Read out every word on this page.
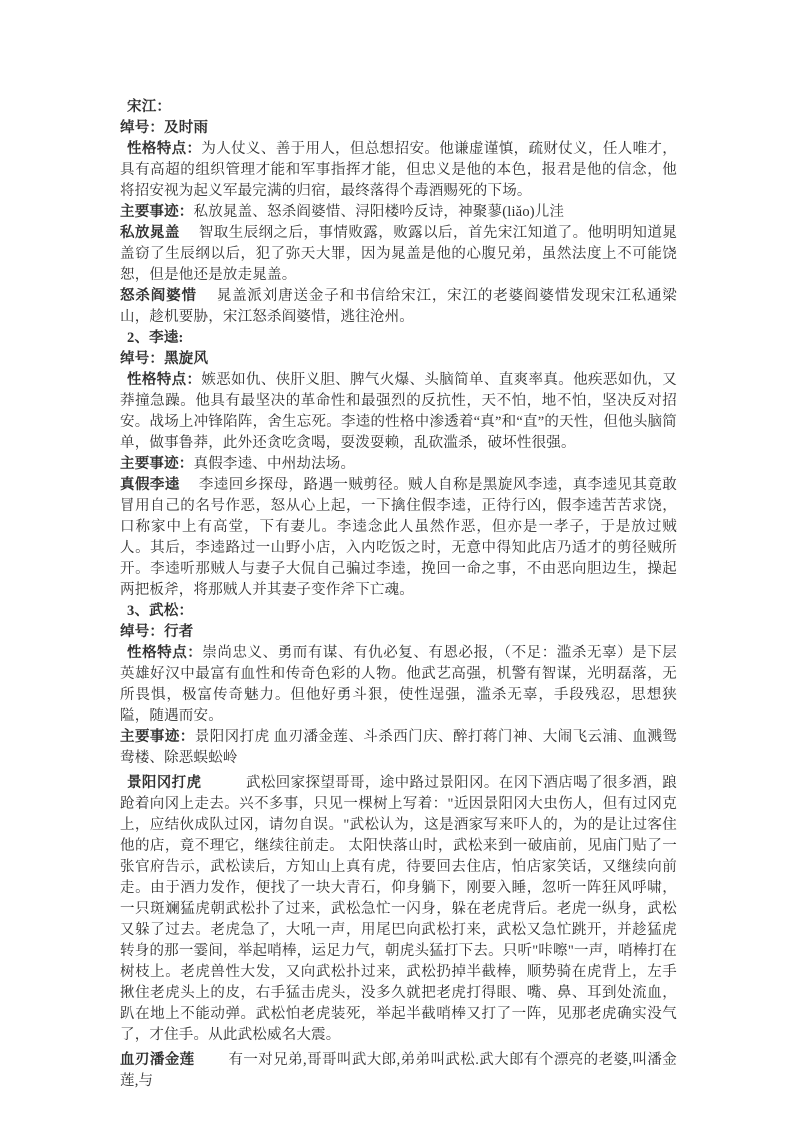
宋江：

绰号：及时雨

性格特点：为人仗义、善于用人，但总想招安。他谦虚谨慎，疏财仗义，任人唯才，具有高超的组织管理才能和军事指挥才能，但忠义是他的本色，报君是他的信念，他将招安视为起义军最完满的归宿，最终落得个毒酒赐死的下场。

主要事迹：私放晁盖、怒杀阎婆惜、浔阳楼吟反诗，神聚蓼(liǎo)儿洼

私放晁盖　 智取生辰纲之后，事情败露，败露以后，首先宋江知道了。他明明知道晁盖窃了生辰纲以后，犯了弥天大罪，因为晁盖是他的心腹兄弟，虽然法度上不可能饶恕，但是他还是放走晁盖。

怒杀阎婆惜　 晁盖派刘唐送金子和书信给宋江，宋江的老婆阎婆惜发现宋江私通梁山，趁机要胁，宋江怒杀阎婆惜，逃往沧州。

2、李逵:

绰号：黑旋风

性格特点：嫉恶如仇、侠肝义胆、脾气火爆、头脑简单、直爽率真。他疾恶如仇，又莽撞急躁。他具有最坚决的革命性和最强烈的反抗性，天不怕，地不怕，坚决反对招安。战场上冲锋陷阵，舍生忘死。李逵的性格中渗透着“真”和“直”的天性，但他头脑简单，做事鲁莽，此外还贪吃贪喝，耍泼耍赖，乱砍滥杀，破坏性很强。

主要事迹：真假李逵、中州劫法场。

真假李逵　 李逵回乡探母，路遇一贼剪径。贼人自称是黑旋风李逵，真李逵见其竟敢冒用自己的名号作恶，怒从心上起，一下擒住假李逵，正待行凶，假李逵苦苦求饶，口称家中上有高堂，下有妻儿。李逵念此人虽然作恶，但亦是一孝子，于是放过贼人。其后，李逵路过一山野小店，入内吃饭之时，无意中得知此店乃适才的剪径贼所开。李逵听那贼人与妻子大侃自己骗过李逵，挽回一命之事，不由恶向胆边生，操起两把板斧，将那贼人并其妻子变作斧下亡魂。

3、武松：

绰号：行者

性格特点：崇尚忠义、勇而有谋、有仇必复、有恩必报，（不足：滥杀无辜）是下层英雄好汉中最富有血性和传奇色彩的人物。他武艺高强，机警有智谋，光明磊落，无所畏惧，极富传奇魅力。但他好勇斗狠，使性逞强，滥杀无辜，手段残忍，思想狭隘，随遇而安。

主要事迹：景阳冈打虎 血刃潘金莲、斗杀西门庆、醉打蒋门神、大闹飞云浦、血溅鸳鸯楼、除恶蜈蚣岭

景阳冈打虎　　　武松回家探望哥哥，途中路过景阳冈。在冈下酒店喝了很多酒，踉跄着向冈上走去。兴不多事，只见一棵树上写着："近因景阳冈大虫伤人，但有过冈克上，应结伙成队过冈，请勿自误。"武松认为，这是酒家写来吓人的，为的是让过客住他的店，竟不理它，继续往前走。 太阳快落山时，武松来到一破庙前，见庙门贴了一张官府告示，武松读后，方知山上真有虎，待要回去住店，怕店家笑话，又继续向前走。由于酒力发作，便找了一块大青石，仰身躺下，刚要入睡，忽听一阵狂风呼啸，一只斑斓猛虎朝武松扑了过来，武松急忙一闪身，躲在老虎背后。老虎一纵身，武松又躲了过去。老虎急了，大吼一声，用尾巴向武松打来，武松又急忙跳开，并趁猛虎转身的那一霎间，举起哨棒，运足力气，朝虎头猛打下去。只听"咔嚓"一声，哨棒打在树枝上。老虎兽性大发，又向武松扑过来，武松扔掉半截棒，顺势骑在虎背上，左手揪住老虎头上的皮，右手猛击虎头，没多久就把老虎打得眼、嘴、鼻、耳到处流血，趴在地上不能动弹。武松怕老虎装死，举起半截哨棒又打了一阵，见那老虎确实没气了，才住手。从此武松威名大震。

血刃潘金莲　　 有一对兄弟,哥哥叫武大郎,弟弟叫武松.武大郎有个漂亮的老婆,叫潘金莲,与
